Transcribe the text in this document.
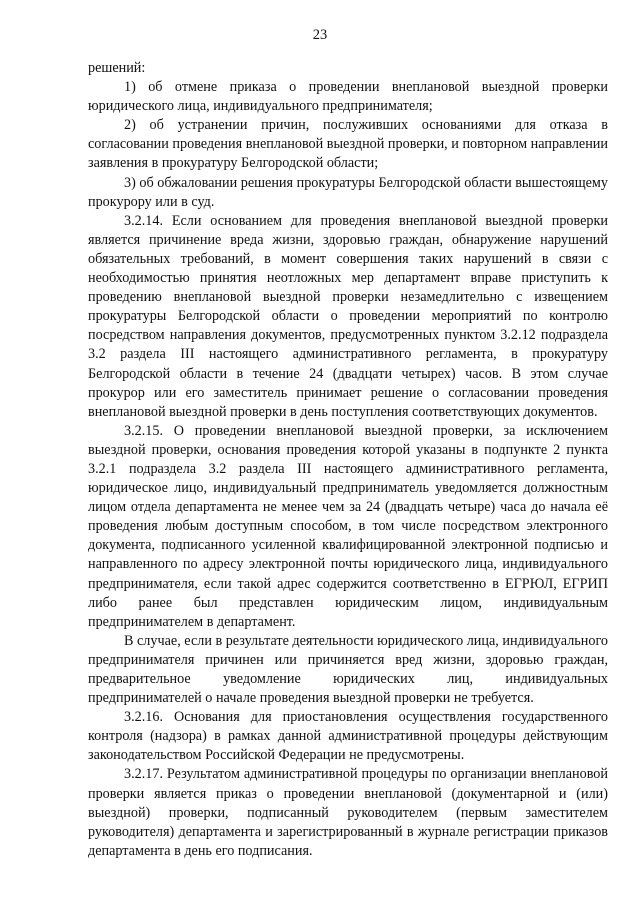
23

решений:

1) об отмене приказа о проведении внеплановой выездной проверки юридического лица, индивидуального предпринимателя;

2) об устранении причин, послуживших основаниями для отказа в согласовании проведения внеплановой выездной проверки, и повторном направлении заявления в прокуратуру Белгородской области;

3) об обжаловании решения прокуратуры Белгородской области вышестоящему прокурору или в суд.

3.2.14. Если основанием для проведения внеплановой выездной проверки является причинение вреда жизни, здоровью граждан, обнаружение нарушений обязательных требований, в момент совершения таких нарушений в связи с необходимостью принятия неотложных мер департамент вправе приступить к проведению внеплановой выездной проверки незамедлительно с извещением прокуратуры Белгородской области о проведении мероприятий по контролю посредством направления документов, предусмотренных пунктом 3.2.12 подраздела 3.2 раздела III настоящего административного регламента, в прокуратуру Белгородской области в течение 24 (двадцати четырех) часов. В этом случае прокурор или его заместитель принимает решение о согласовании проведения внеплановой выездной проверки в день поступления соответствующих документов.

3.2.15. О проведении внеплановой выездной проверки, за исключением выездной проверки, основания проведения которой указаны в подпункте 2 пункта 3.2.1 подраздела 3.2 раздела III настоящего административного регламента, юридическое лицо, индивидуальный предприниматель уведомляется должностным лицом отдела департамента не менее чем за 24 (двадцать четыре) часа до начала её проведения любым доступным способом, в том числе посредством электронного документа, подписанного усиленной квалифицированной электронной подписью и направленного по адресу электронной почты юридического лица, индивидуального предпринимателя, если такой адрес содержится соответственно в ЕГРЮЛ, ЕГРИП либо ранее был представлен юридическим лицом, индивидуальным предпринимателем в департамент.

В случае, если в результате деятельности юридического лица, индивидуального предпринимателя причинен или причиняется вред жизни, здоровью граждан, предварительное уведомление юридических лиц, индивидуальных предпринимателей о начале проведения выездной проверки не требуется.

3.2.16. Основания для приостановления осуществления государственного контроля (надзора) в рамках данной административной процедуры действующим законодательством Российской Федерации не предусмотрены.

3.2.17. Результатом административной процедуры по организации внеплановой проверки является приказ о проведении внеплановой (документарной и (или) выездной) проверки, подписанный руководителем (первым заместителем руководителя) департамента и зарегистрированный в журнале регистрации приказов департамента в день его подписания.
